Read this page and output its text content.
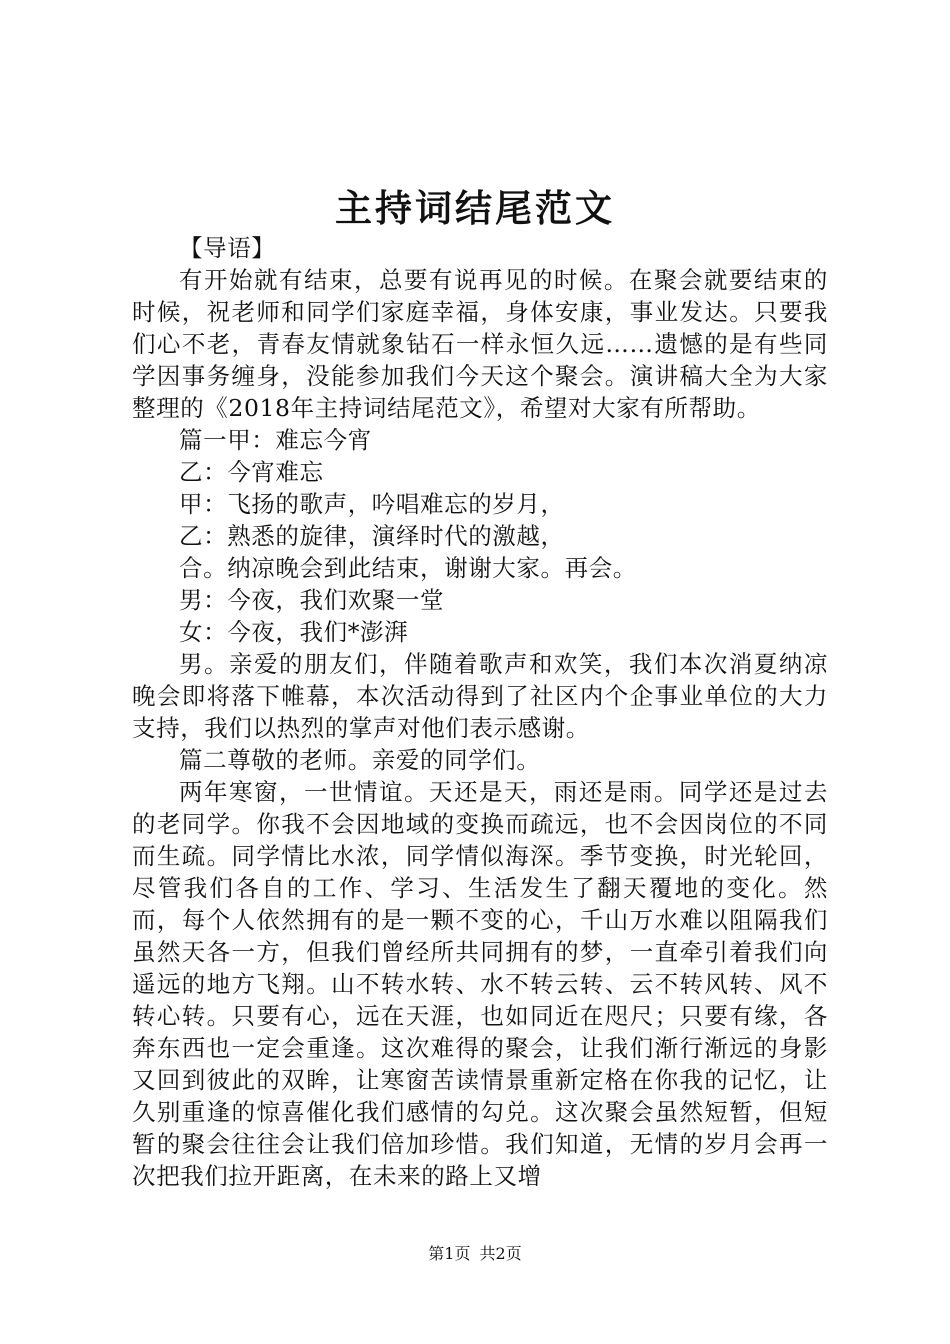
主持词结尾范文

【导语】

有开始就有结束，总要有说再见的时候。在聚会就要结束的时候，祝老师和同学们家庭幸福，身体安康，事业发达。只要我们心不老，青春友情就象钻石一样永恒久远……遗憾的是有些同学因事务缠身，没能参加我们今天这个聚会。演讲稿大全为大家整理的《2018年主持词结尾范文》，希望对大家有所帮助。

篇一甲：难忘今宵

乙：今宵难忘

甲：飞扬的歌声，吟唱难忘的岁月，

乙：熟悉的旋律，演绎时代的激越，

合。纳凉晚会到此结束，谢谢大家。再会。

男：今夜，我们欢聚一堂

女：今夜，我们*澎湃

男。亲爱的朋友们，伴随着歌声和欢笑，我们本次消夏纳凉晚会即将落下帷幕，本次活动得到了社区内个企事业单位的大力支持，我们以热烈的掌声对他们表示感谢。

篇二尊敬的老师。亲爱的同学们。

两年寒窗，一世情谊。天还是天，雨还是雨。同学还是过去的老同学。你我不会因地域的变换而疏远，也不会因岗位的不同而生疏。同学情比水浓，同学情似海深。季节变换，时光轮回，尽管我们各自的工作、学习、生活发生了翻天覆地的变化。然而，每个人依然拥有的是一颗不变的心，千山万水难以阻隔我们虽然天各一方，但我们曾经所共同拥有的梦，一直牵引着我们向遥远的地方飞翔。山不转水转、水不转云转、云不转风转、风不转心转。只要有心，远在天涯，也如同近在咫尺；只要有缘，各奔东西也一定会重逢。这次难得的聚会，让我们渐行渐远的身影又回到彼此的双眸，让寒窗苦读情景重新定格在你我的记忆，让久别重逢的惊喜催化我们感情的勾兑。这次聚会虽然短暂，但短暂的聚会往往会让我们倍加珍惜。我们知道，无情的岁月会再一次把我们拉开距离，在未来的路上又增

第1页 共2页
